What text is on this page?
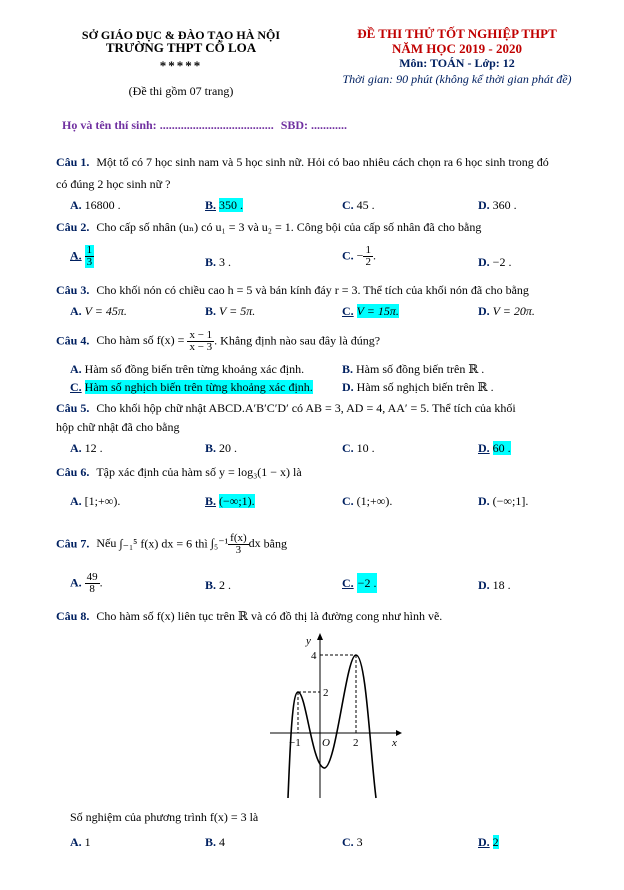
SỞ GIÁO DỤC & ĐÀO TẠO HÀ NỘI
TRƯỜNG THPT CỔ LOA
*****
(Đề thi gồm 07 trang)
ĐỀ THI THỬ TỐT NGHIỆP THPT
NĂM HỌC 2019 - 2020
Môn: TOÁN - Lớp: 12
Thời gian: 90 phút (không kể thời gian phát đề)
Họ và tên thí sinh: ...................................... SBD: ............
Câu 1. Một tổ có 7 học sinh nam và 5 học sinh nữ. Hỏi có bao nhiêu cách chọn ra 6 học sinh trong đó
có đúng 2 học sinh nữ ?
A. 16800 .	B. 350 .	C. 45 .	D. 360 .
Câu 2. Cho cấp số nhân (uₙ) có u₁ = 3 và u₂ = 1. Công bội của cấp số nhân đã cho bằng
A. $\frac{1}{3}$	B. 3 .	C. − $\frac{1}{2}$ .	D. −2 .
Câu 3. Cho khối nón có chiều cao h = 5 và bán kính đáy r = 3. Thể tích của khối nón đã cho bằng
A. V = 45π.	B. V = 5π.	C. V = 15π.	D. V = 20π.
Câu 4. Cho hàm số $f(x) = \frac{x - 1}{x - 3}$ . Khẳng định nào sau đây là đúng?
A. Hàm số đồng biến trên từng khoảng xác định.	B. Hàm số đồng biến trên ℝ .
C. Hàm số nghịch biến trên từng khoảng xác định. D. Hàm số nghịch biến trên ℝ .
Câu 5. Cho khối hộp chữ nhật ABCD.A′B′C′D′ có AB = 3, AD = 4, AA′ = 5. Thể tích của khối
hộp chữ nhật đã cho bằng
A. 12 .	B. 20 .	C. 10 .	D. 60 .
Câu 6. Tập xác định của hàm số y = log₃(1 − x) là
A. [1;+∞).	B. (−∞;1).	C. (1;+∞).	D. (−∞;1].
Câu 7. Nếu ∫₋₁⁵ f(x) dx = 6 thì $\int_5^{-1} \frac{f(x)}{3}$ dx bằng
A. $\frac{49}{8}$ .	B. 2 .	C. −2 .	D. 18 .
Câu 8. Cho hàm số f(x) liên tục trên ℝ và có đồ thị là đường cong như hình vẽ.
y
x
O
4
2
−1	2
Số nghiệm của phương trình f(x) = 3 là
A. 1	B. 4	C. 3	D. 2
